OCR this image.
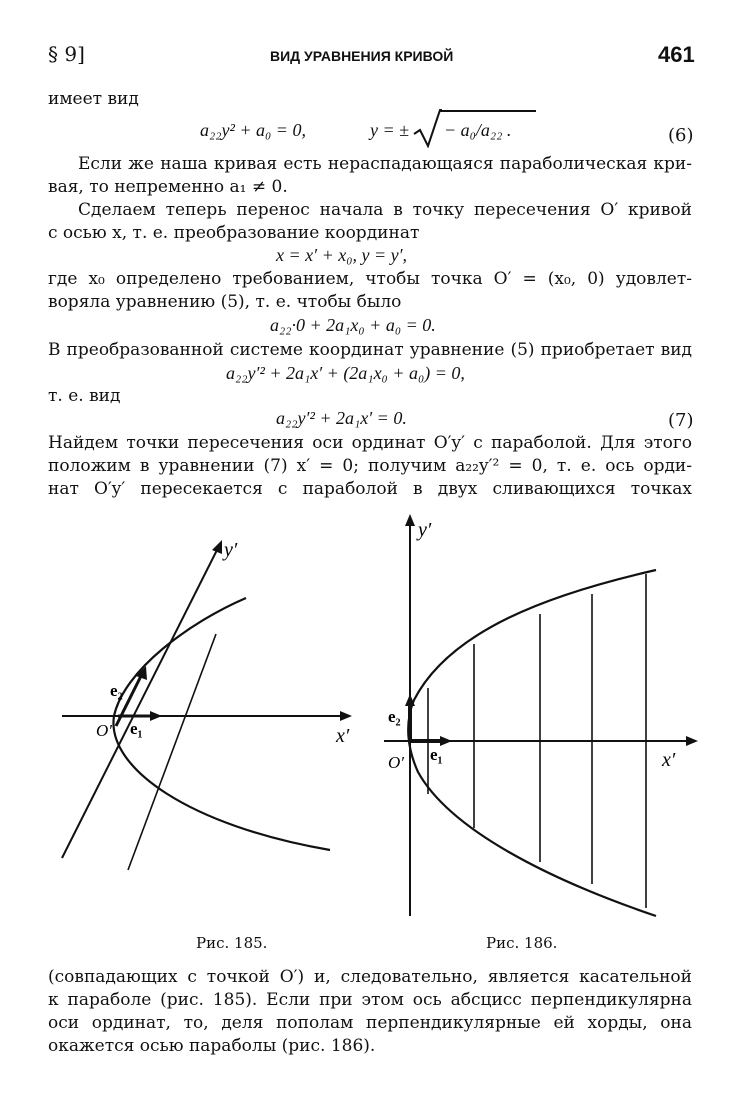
§ 9]	ВИД УРАВНЕНИЯ КРИВОЙ	461
имеет вид
a₂₂y² + a₀ = 0,	y = ± − a₀/a₂₂ .	(6)
Если же наша кривая есть нераспадающаяся параболическая кри-
вая, то непременно a₁ ≠ 0.
Сделаем теперь перенос начала в точку пересечения O′ кривой
с осью x, т. е. преобразование координат
x = x′ + x₀, y = y′,
где x₀ определено требованием, чтобы точка O′ = (x₀, 0) удовлет-
воряла уравнению (5), т. е. чтобы было
a₂₂·0 + 2a₁x₀ + a₀ = 0.
В преобразованной системе координат уравнение (5) приобретает вид
a₂₂y′² + 2a₁x′ + (2a₁x₀ + a₀) = 0,
т. е. вид
a₂₂y′² + 2a₁x′ = 0.	(7)
Найдем точки пересечения оси ординат O′y′ с параболой. Для этого
положим в уравнении (7) x′ = 0; получим a₂₂y′² = 0, т. е. ось орди-
нат O′y′ пересекается с параболой в двух сливающихся точках
y′
x′
O′
e₂
e₁
Рис. 185.
y′
x′
O′
e₂
e₁
Рис. 186.
(совпадающих с точкой O′) и, следовательно, является касательной
к параболе (рис. 185). Если при этом ось абсцисс перпендикулярна
оси ординат, то, деля пополам перпендикулярные ей хорды, она
окажется осью параболы (рис. 186).
